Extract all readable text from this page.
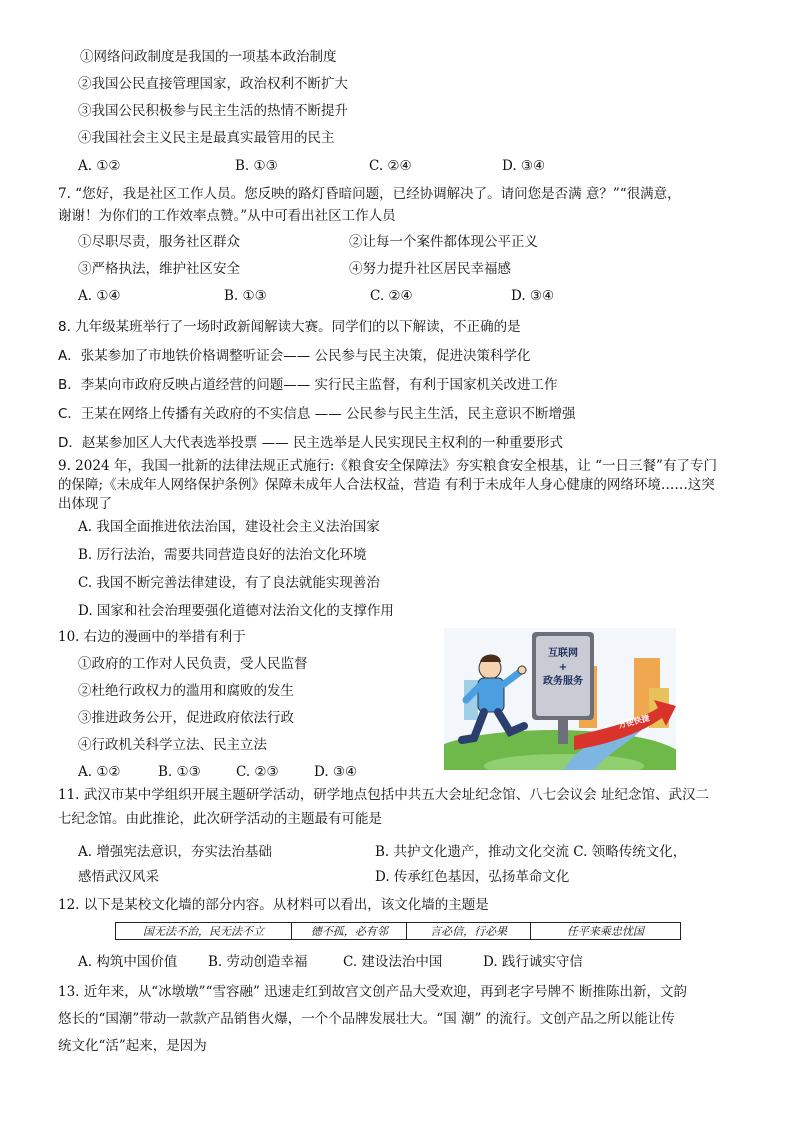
①网络问政制度是我国的一项基本政治制度
②我国公民直接管理国家，政治权利不断扩大
③我国公民积极参与民主生活的热情不断提升
④我国社会主义民主是最真实最管用的民主
A. ①②	B. ①③	C. ②④	D. ③④
7. “您好，我是社区工作人员。您反映的路灯昏暗问题，已经协调解决了。请问您是否满 意？”“很满意，
谢谢！为你们的工作效率点赞。”从中可看出社区工作人员
①尽职尽责，服务社区群众	②让每一个案件都体现公平正义
③严格执法，维护社区安全	④努力提升社区居民幸福感
A. ①④	B. ①③	C. ②④	D. ③④
8. 九年级某班举行了一场时政新闻解读大赛。同学们的以下解读，不正确的是
A．张某参加了市地铁价格调整听证会—— 公民参与民主决策，促进决策科学化
B．李某向市政府反映占道经营的问题—— 实行民主监督，有利于国家机关改进工作
C．王某在网络上传播有关政府的不实信息 —— 公民参与民主生活，民主意识不断增强
D．赵某参加区人大代表选举投票 —— 民主选举是人民实现民主权利的一种重要形式
9. 2024 年，我国一批新的法律法规正式施行:《粮食安全保障法》夯实粮食安全根基，让 “一日三餐”有了专门
的保障;《未成年人网络保护条例》保障未成年人合法权益，营造 有利于未成年人身心健康的网络环境……这突
出体现了
A. 我国全面推进依法治国，建设社会主义法治国家
B. 厉行法治，需要共同营造良好的法治文化环境
C. 我国不断完善法律建设，有了良法就能实现善治
D. 国家和社会治理要强化道德对法治文化的支撑作用
10. 右边的漫画中的举措有利于
①政府的工作对人民负责，受人民监督
②杜绝行政权力的滥用和腐败的发生
③推进政务公开，促进政府依法行政
④行政机关科学立法、民主立法
A. ①②	B. ①③	C. ②③	D. ③④
互联网
+
政务服务
方便快捷
11. 武汉市某中学组织开展主题研学活动，研学地点包括中共五大会址纪念馆、八七会议会 址纪念馆、武汉二
七纪念馆。由此推论，此次研学活动的主题最有可能是
A. 增强宪法意识，夯实法治基础	B. 共护文化遗产，推动文化交流 C. 领略传统文化，
感悟武汉风采	D. 传承红色基因，弘扬革命文化
12. 以下是某校文化墙的部分内容。从材料可以看出，该文化墙的主题是
国无法不治，民无法不立	德不孤，必有邻	言必信，行必果	任平来乘忠忧国
A. 构筑中国价值 B. 劳动创造幸福	C. 建设法治中国	D. 践行诚实守信
13. 近年来，从“冰墩墩”“雪容融” 迅速走红到故宫文创产品大受欢迎，再到老字号牌不 断推陈出新，文韵
悠长的“国潮”带动一款款产品销售火爆，一个个品牌发展壮大。“国 潮” 的流行。文创产品之所以能让传
统文化“活”起来，是因为
